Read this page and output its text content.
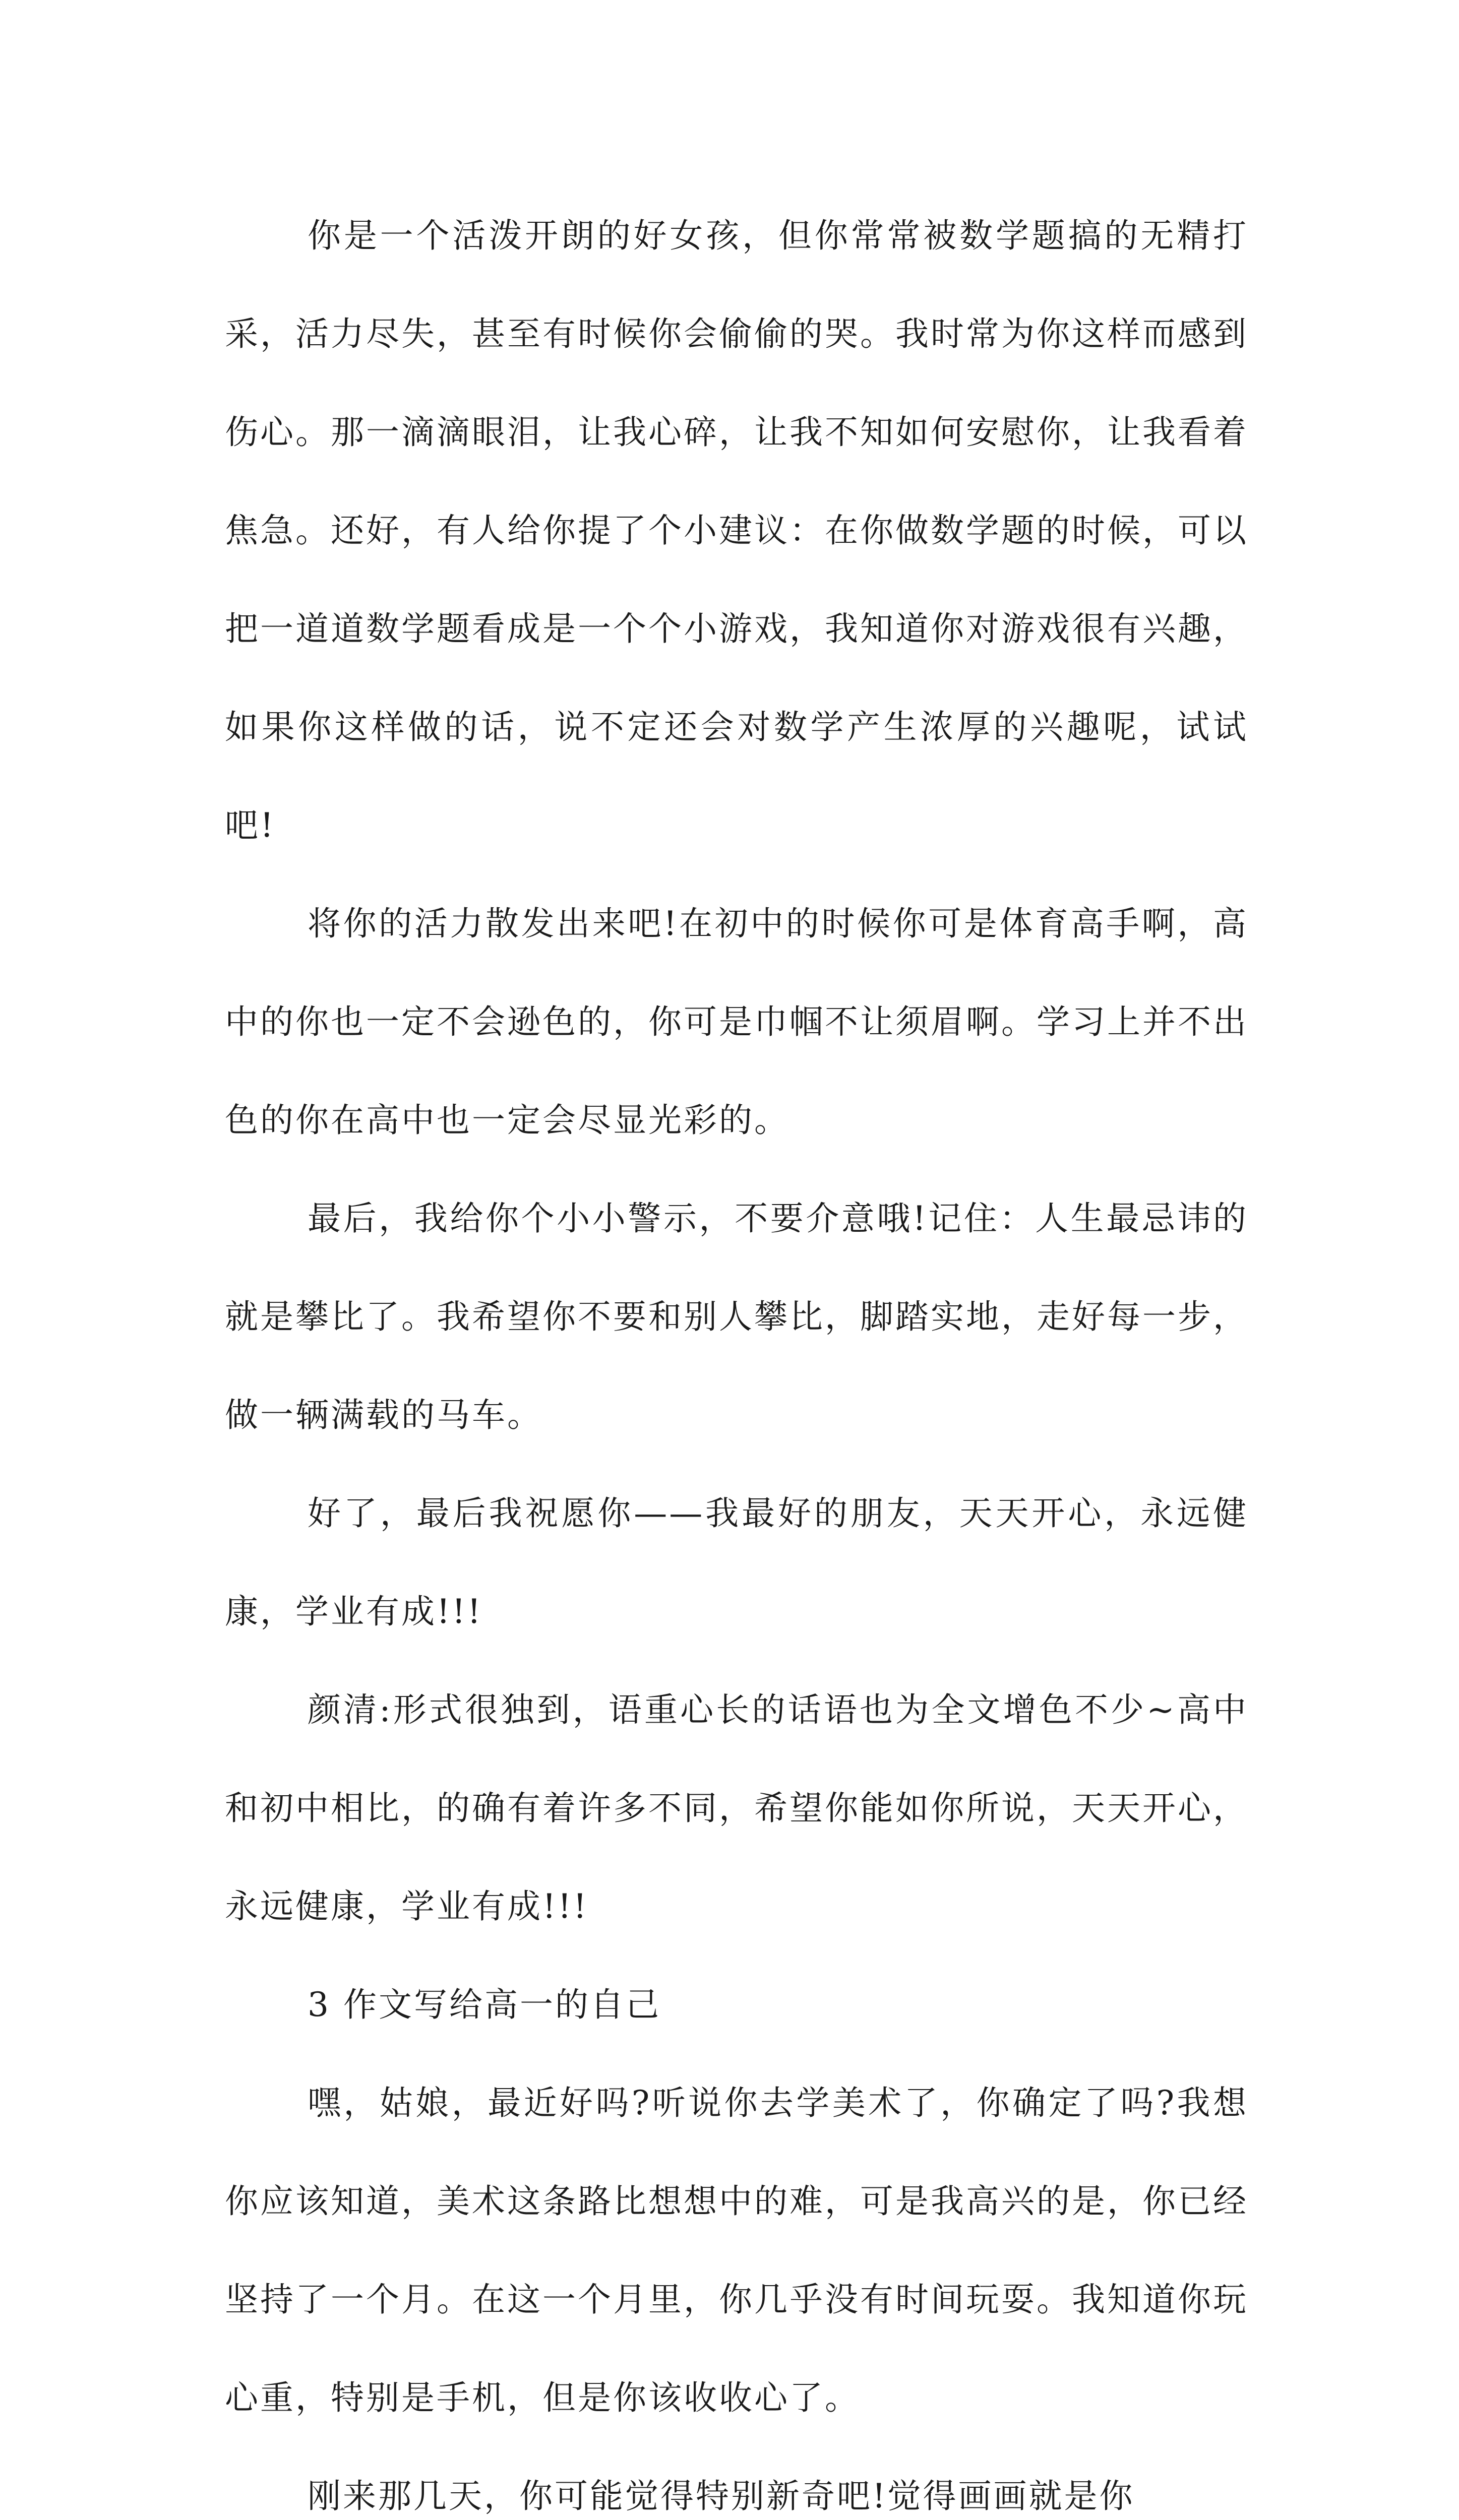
你是一个活泼开朗的好女孩，但你常常被数学题搞的无精打采，活力尽失，甚至有时候你会偷偷的哭。我时常为你这样而感到伤心。那一滴滴眼泪，让我心碎，让我不知如何安慰你，让我看着焦急。还好，有人给你提了个小建议：在你做数学题的时候，可以把一道道数学题看成是一个个小游戏，我知道你对游戏很有兴趣，如果你这样做的话，说不定还会对数学产生浓厚的兴趣呢，试试吧!

将你的活力散发出来吧!在初中的时候你可是体育高手啊，高中的你也一定不会逊色的，你可是巾帼不让须眉啊。学习上并不出色的你在高中也一定会尽显光彩的。

最后，我给你个小小警示，不要介意哦!记住：人生最忌讳的就是攀比了。我希望你不要和别人攀比，脚踏实地，走好每一步，做一辆满载的马车。

好了，最后我祝愿你——我最好的朋友，天天开心，永远健康，学业有成!!!

颜清:形式很独到，语重心长的话语也为全文增色不少~高中和初中相比，的确有着许多不同，希望你能如你所说，天天开心，永远健康，学业有成!!!

3 作文写给高一的自己

嘿，姑娘，最近好吗?听说你去学美术了，你确定了吗?我想你应该知道，美术这条路比想想中的难，可是我高兴的是，你已经坚持了一个月。在这一个月里，你几乎没有时间玩耍。我知道你玩心重，特别是手机，但是你该收收心了。

刚来那几天，你可能觉得特别新奇吧!觉得画画就是你
